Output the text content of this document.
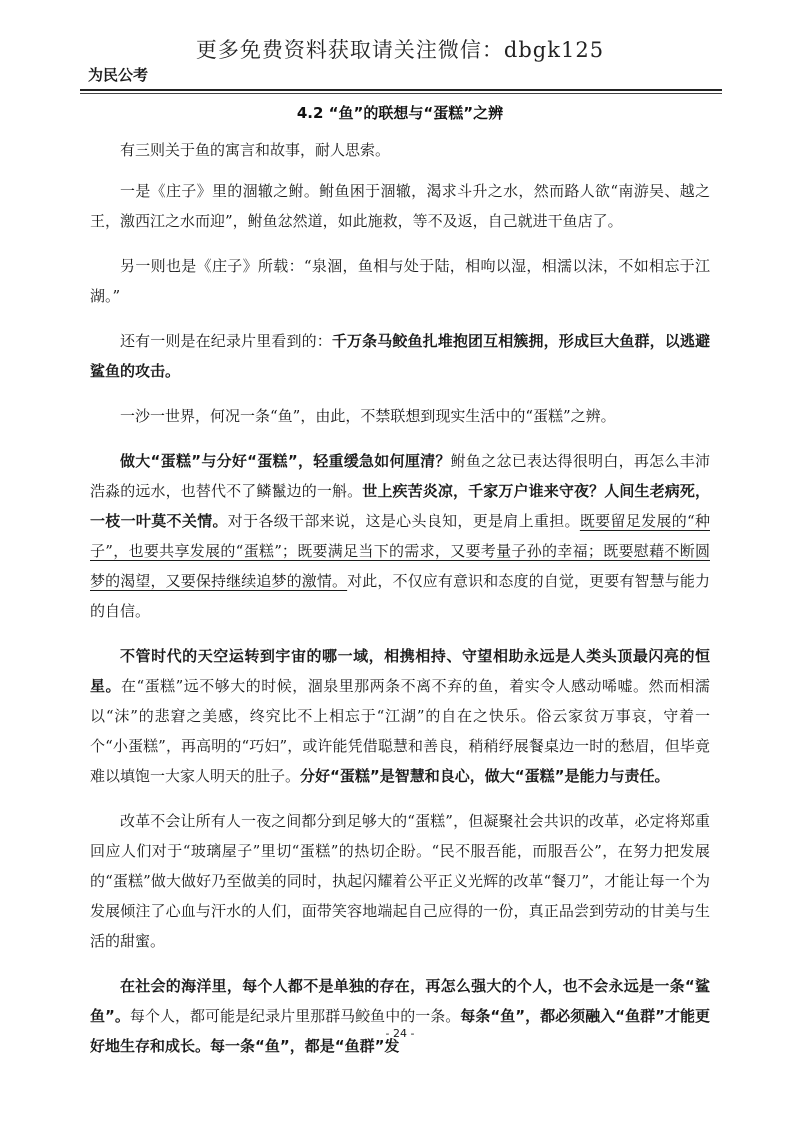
更多免费资料获取请关注微信：dbgk125
为民公考
4.2 “鱼”的联想与“蛋糕”之辨

有三则关于鱼的寓言和故事，耐人思索。

一是《庄子》里的涸辙之鲋。鲋鱼困于涸辙，渴求斗升之水，然而路人欲“南游吴、越之王，激西江之水而迎”，鲋鱼忿然道，如此施救，等不及返，自己就进干鱼店了。

另一则也是《庄子》所载：“泉涸，鱼相与处于陆，相呴以湿，相濡以沫，不如相忘于江湖。”

还有一则是在纪录片里看到的：千万条马鲛鱼扎堆抱团互相簇拥，形成巨大鱼群，以逃避鲨鱼的攻击。

一沙一世界，何况一条“鱼”，由此，不禁联想到现实生活中的“蛋糕”之辨。

做大“蛋糕”与分好“蛋糕”，轻重缓急如何厘清？鲋鱼之忿已表达得很明白，再怎么丰沛浩淼的远水，也替代不了鳞鬣边的一斛。世上疾苦炎凉，千家万户谁来守夜？人间生老病死，一枝一叶莫不关情。对于各级干部来说，这是心头良知，更是肩上重担。既要留足发展的“种子”，也要共享发展的“蛋糕”；既要满足当下的需求，又要考量子孙的幸福；既要慰藉不断圆梦的渴望，又要保持继续追梦的激情。对此，不仅应有意识和态度的自觉，更要有智慧与能力的自信。

不管时代的天空运转到宇宙的哪一域，相携相持、守望相助永远是人类头顶最闪亮的恒星。在“蛋糕”远不够大的时候，涸泉里那两条不离不弃的鱼，着实令人感动唏嘘。然而相濡以“沫”的悲窘之美感，终究比不上相忘于“江湖”的自在之快乐。俗云家贫万事哀，守着一个“小蛋糕”，再高明的“巧妇”，或许能凭借聪慧和善良，稍稍纾展餐桌边一时的愁眉，但毕竟难以填饱一大家人明天的肚子。分好“蛋糕”是智慧和良心，做大“蛋糕”是能力与责任。

改革不会让所有人一夜之间都分到足够大的“蛋糕”，但凝聚社会共识的改革，必定将郑重回应人们对于“玻璃屋子”里切“蛋糕”的热切企盼。“民不服吾能，而服吾公”，在努力把发展的“蛋糕”做大做好乃至做美的同时，执起闪耀着公平正义光辉的改革“餐刀”，才能让每一个为发展倾注了心血与汗水的人们，面带笑容地端起自己应得的一份，真正品尝到劳动的甘美与生活的甜蜜。

在社会的海洋里，每个人都不是单独的存在，再怎么强大的个人，也不会永远是一条“鲨鱼”。每个人，都可能是纪录片里那群马鲛鱼中的一条。每条“鱼”，都必须融入“鱼群”才能更好地生存和成长。每一条“鱼”，都是“鱼群”发

- 24 -
